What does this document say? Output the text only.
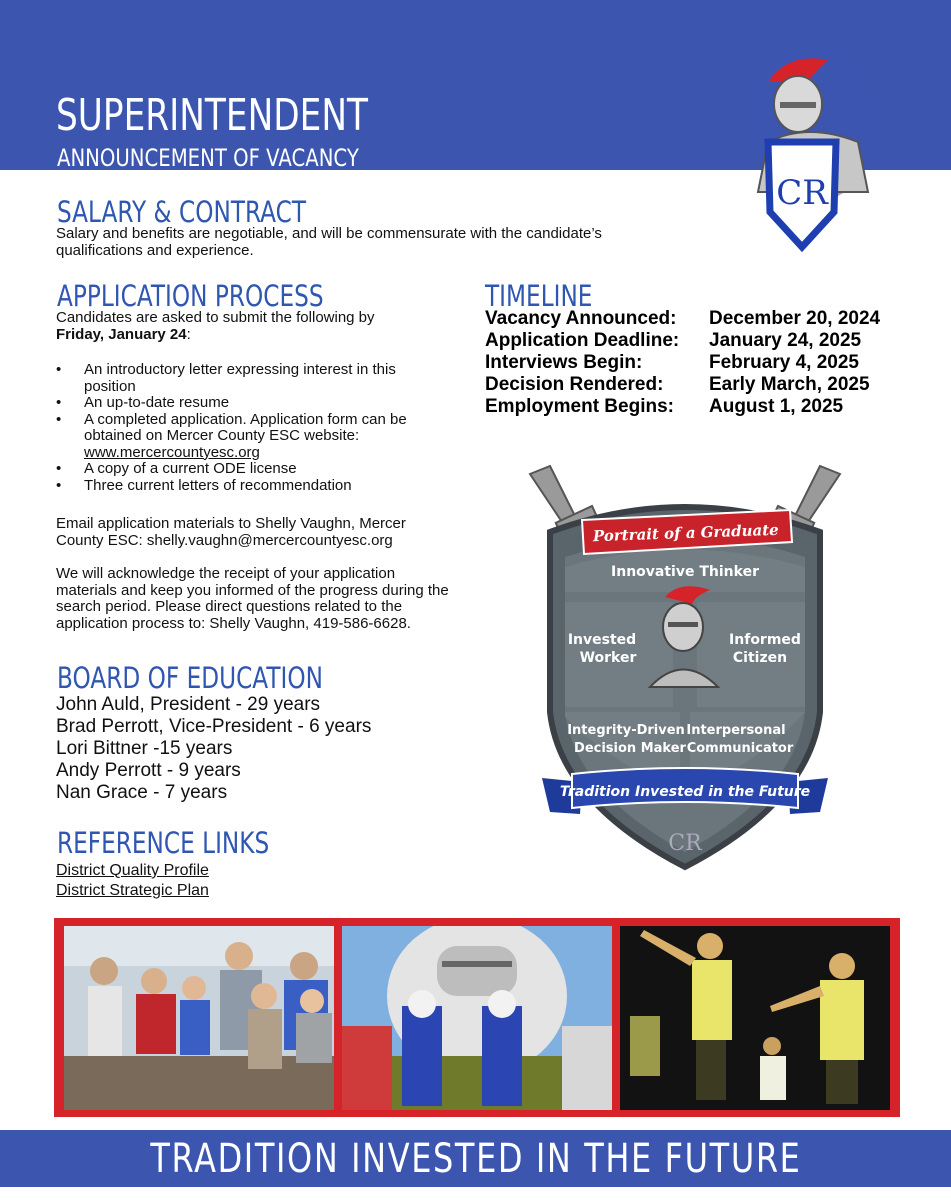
SUPERINTENDENT
ANNOUNCEMENT OF VACANCY
CR
SALARY & CONTRACT
Salary and benefits are negotiable, and will be commensurate with the candidate’s qualifications and experience.
APPLICATION PROCESS
Candidates are asked to submit the following by
Friday, January 24:
• An introductory letter expressing interest in this position
• An up-to-date resume
• A completed application. Application form can be obtained on Mercer County ESC website:
www.mercercountyesc.org
• A copy of a current ODE license
• Three current letters of recommendation
Email application materials to Shelly Vaughn, Mercer County ESC: shelly.vaughn@mercercountyesc.org
We will acknowledge the receipt of your application materials and keep you informed of the progress during the search period. Please direct questions related to the application process to: Shelly Vaughn, 419-586-6628.
TIMELINE
Vacancy Announced:	December 20, 2024
Application Deadline:	January 24, 2025
Interviews Begin:	February 4, 2025
Decision Rendered:	Early March, 2025
Employment Begins:	August 1, 2025
Portrait of a Graduate
Innovative Thinker
Invested
Worker
Informed
Citizen
Integrity-Driven
Decision Maker
Interpersonal
Communicator
Tradition Invested in the Future
CR
BOARD OF EDUCATION
John Auld, President - 29 years
Brad Perrott, Vice-President - 6 years
Lori Bittner -15 years
Andy Perrott - 9 years
Nan Grace - 7 years
REFERENCE LINKS
District Quality Profile
District Strategic Plan
TRADITION INVESTED IN THE FUTURE
